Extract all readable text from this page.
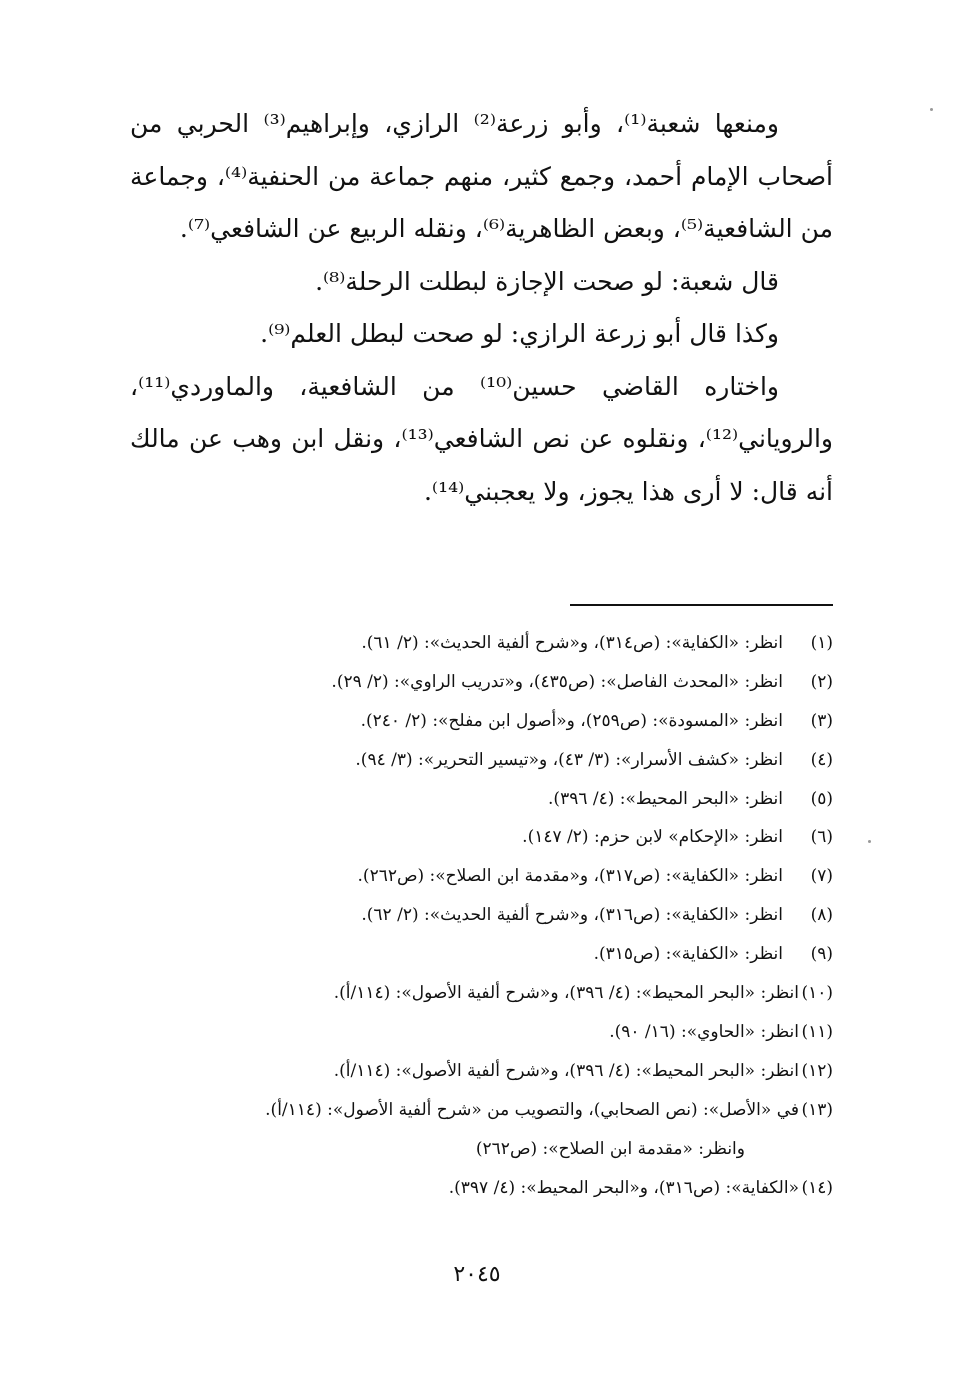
ومنعها شعبة⁽¹⁾، وأبو زرعة⁽²⁾ الرازي، وإبراهيم⁽³⁾ الحربي من أصحاب الإمام أحمد، وجمع كثير، منهم جماعة من الحنفية⁽⁴⁾، وجماعة من الشافعية⁽⁵⁾، وبعض الظاهرية⁽⁶⁾، ونقله الربيع عن الشافعي⁽⁷⁾.

قال شعبة: لو صحت الإجازة لبطلت الرحلة⁽⁸⁾.

وكذا قال أبو زرعة الرازي: لو صحت لبطل العلم⁽⁹⁾.

واختاره القاضي حسين⁽¹⁰⁾ من الشافعية، والماوردي⁽¹¹⁾، والروياني⁽¹²⁾، ونقلوه عن نص الشافعي⁽¹³⁾، ونقل ابن وهب عن مالك أنه قال: لا أرى هذا يجوز، ولا يعجبني⁽¹⁴⁾.

(١)
انظر: «الكفاية»: (ص٣١٤)، و«شرح ألفية الحديث»: (٢/ ٦١).
(٢)
انظر: «المحدث الفاصل»: (ص٤٣٥)، و«تدريب الراوي»: (٢/ ٢٩).
(٣)
انظر: «المسودة»: (ص٢٥٩)، و«أصول ابن مفلح»: (٢/ ٢٤٠).
(٤)
انظر: «كشف الأسرار»: (٣/ ٤٣)، و«تيسير التحرير»: (٣/ ٩٤).
(٥)
انظر: «البحر المحيط»: (٤/ ٣٩٦).
(٦)
انظر: «الإحكام» لابن حزم: (٢/ ١٤٧).
(٧)
انظر: «الكفاية»: (ص٣١٧)، و«مقدمة ابن الصلاح»: (ص٢٦٢).
(٨)
انظر: «الكفاية»: (ص٣١٦)، و«شرح ألفية الحديث»: (٢/ ٦٢).
(٩)
انظر: «الكفاية»: (ص٣١٥).
(١٠)
انظر: «البحر المحيط»: (٤/ ٣٩٦)، و«شرح ألفية الأصول»: (١١٤/أ).
(١١)
انظر: «الحاوي»: (١٦/ ٩٠).
(١٢)
انظر: «البحر المحيط»: (٤/ ٣٩٦)، و«شرح ألفية الأصول»: (١١٤/أ).
(١٣)
في «الأصل»: (نص الصحابي)، والتصويب من «شرح ألفية الأصول»: (١١٤/أ).
وانظر: «مقدمة ابن الصلاح»: (ص٢٦٢)
(١٤)
«الكفاية»: (ص٣١٦)، و«البحر المحيط»: (٤/ ٣٩٧).
٢٠٤٥
